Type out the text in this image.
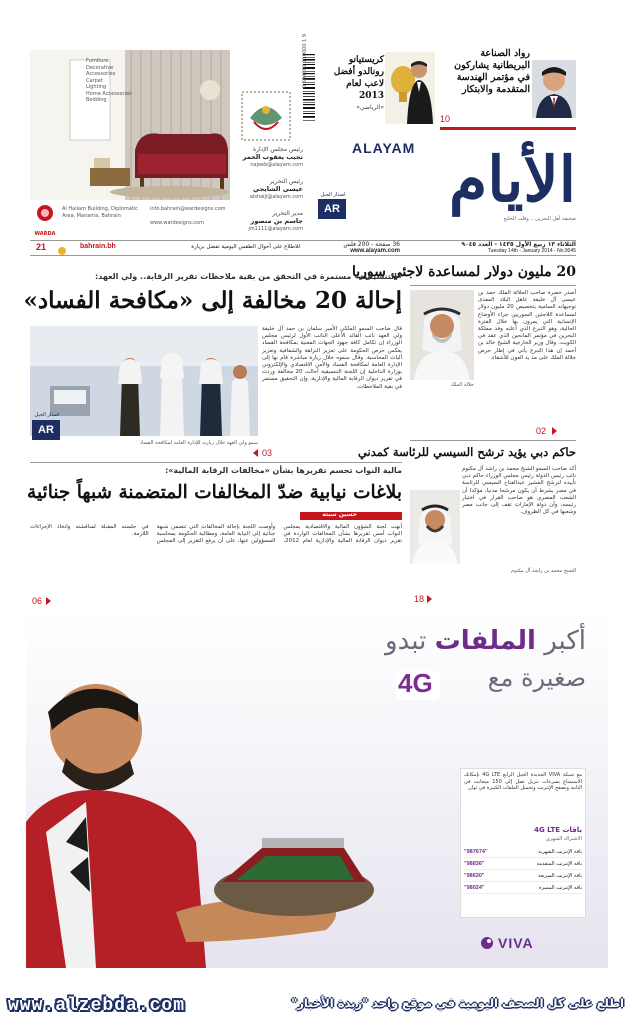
رواد الصناعة البريطانية يشاركون في مؤتمر الهندسة المتقدمة والابتكار
10
كريستيانو رونالدو أفضل لاعب لعام 2013
«الرياضي»
0 684001 110000 1 9
رئيس مجلس الإدارة
نجيب يعقوب الحمر
najeeb@alayam.com
رئيس التحرير
عيسى الشايجي
alshaiji@alayam.com
مدير التحرير
جاسم بن منصور
jm1111@alayam.com
ALAYAM الأيام
صحيفة أهل البحرين... وقلب الخليج
AR
اصدار الجيل
Furniture
Decorative
Accessories
Carpet
Lighting
Home Accessories
Bedding
WARDA
Al Hailam Building, Diplomatic Area, Manama, Bahrain
info.bahrain@wardesigns.com
www.wardesigns.com
الثلاثاء ١٣ ربيع الأول ١٤٣٥ - العدد ٩٠٤٥
Tuesday 14th - January 2014 - No.9045
36 صفحة - 200 فلس
www.alayam.com
للاطلاع على أحوال الطقس اليومية تفضل بزيارة
bahrain.bh
21
20 مليون دولار لمساعدة لاجئي سوريا
أصدر حضرة صاحب الجلالة الملك حمد بن عيسى آل خليفة عاهل البلاد المفدى توجيهاته السامية بتخصيص 20 مليون دولار لمساعدة اللاجئين السوريين جراء الأوضاع الإنسانية التي يمرون بها خلال الفترة الحالية، وهو التبرع الذي أعلنه وفد مملكة البحرين في مؤتمر المانحين الذي عقد في الكويت. وقال وزير الخارجية الشيخ خالد بن أحمد إن هذا التبرع يأتي في إطار حرص جلالة الملك على مد يد العون للأشقاء.
جلالة الملك
02
«التنسيقية» مستمرة في التحقق من بقية ملاحظات تقرير الرقابة.. ولي العهد:
إحالة 20 مخالفة إلى «مكافحة الفساد»
قال صاحب السمو الملكي الأمير سلمان بن حمد آل خليفة ولي العهد نائب القائد الأعلى النائب الأول لرئيس مجلس الوزراء إن تكامل كافة جهود الجهات المعنية بمكافحة الفساد يعكس حرص الحكومة على تعزيز النزاهة والشفافية وتعزيز آليات المحاسبة. وقال سموه خلال زيارة مباشرة قام بها إلى الإدارة العامة لمكافحة الفساد والأمن الاقتصادي والإلكتروني بوزارة الداخلية إن اللجنة التنسيقية أحالت 20 مخالفة وردت في تقرير ديوان الرقابة المالية والإدارية، وإن التحقيق مستمر في بقية الملاحظات.
AR
اصدار الجيل
سمو ولي العهد خلال زيارته للإدارة العامة لمكافحة الفساد
03	حاكم دبي يؤيد ترشح السيسي للرئاسة كمدني
أكد صاحب السمو الشيخ محمد بن راشد آل مكتوم نائب رئيس الدولة رئيس مجلس الوزراء حاكم دبي تأييده لترشح المشير عبدالفتاح السيسي للرئاسة في مصر بشرط أن يكون مرشحا مدنيا، مؤكدا أن الشعب المصري هو صاحب القرار في اختيار رئيسه، وأن دولة الإمارات تقف إلى جانب مصر وشعبها في كل الظروف.
الشيخ محمد بن راشد آل مكتوم
18
مالية النواب تحسم تقريرها بشأن «مخالفات الرقابة المالية»:
بلاغات نيابية ضدّ المخالفات المتضمنة شبهاً جنائية
حسين سبته
أنهت لجنة الشؤون المالية والاقتصادية بمجلس النواب أمس تقريرها بشأن المخالفات الواردة في تقرير ديوان الرقابة المالية والإدارية لعام 2012، وأوصت اللجنة بإحالة المخالفات التي تتضمن شبهة جنائية إلى النيابة العامة، ومطالبة الحكومة بمحاسبة المسؤولين عنها، على أن يرفع التقرير إلى المجلس في جلسته المقبلة لمناقشته واتخاذ الإجراءات اللازمة.
06
أكبر الملفات تبدو
صغيرة مع
4G
مع شبكة VIVA الجديدة الجيل الرابع 4G LTE بإمكانك الاستمتاع بسرعات تنزيل تصل إلى 150 ميجابت في الثانية وتصفح الإنترنت وتحميل الملفات الكبيرة في ثوان
باقات 4G LTE
الاشتراك الشهري
"987674"	باقة الإنترنت الشهرية
"98836"	باقة الإنترنت المتقدمة
"98630"	باقة الإنترنت السريعة
"98024"	باقة الإنترنت المميزة
VIVA
www.alzebda.com	اطلع على كل الصحف اليومية في موقع واحد "زبدة الأخبار"
